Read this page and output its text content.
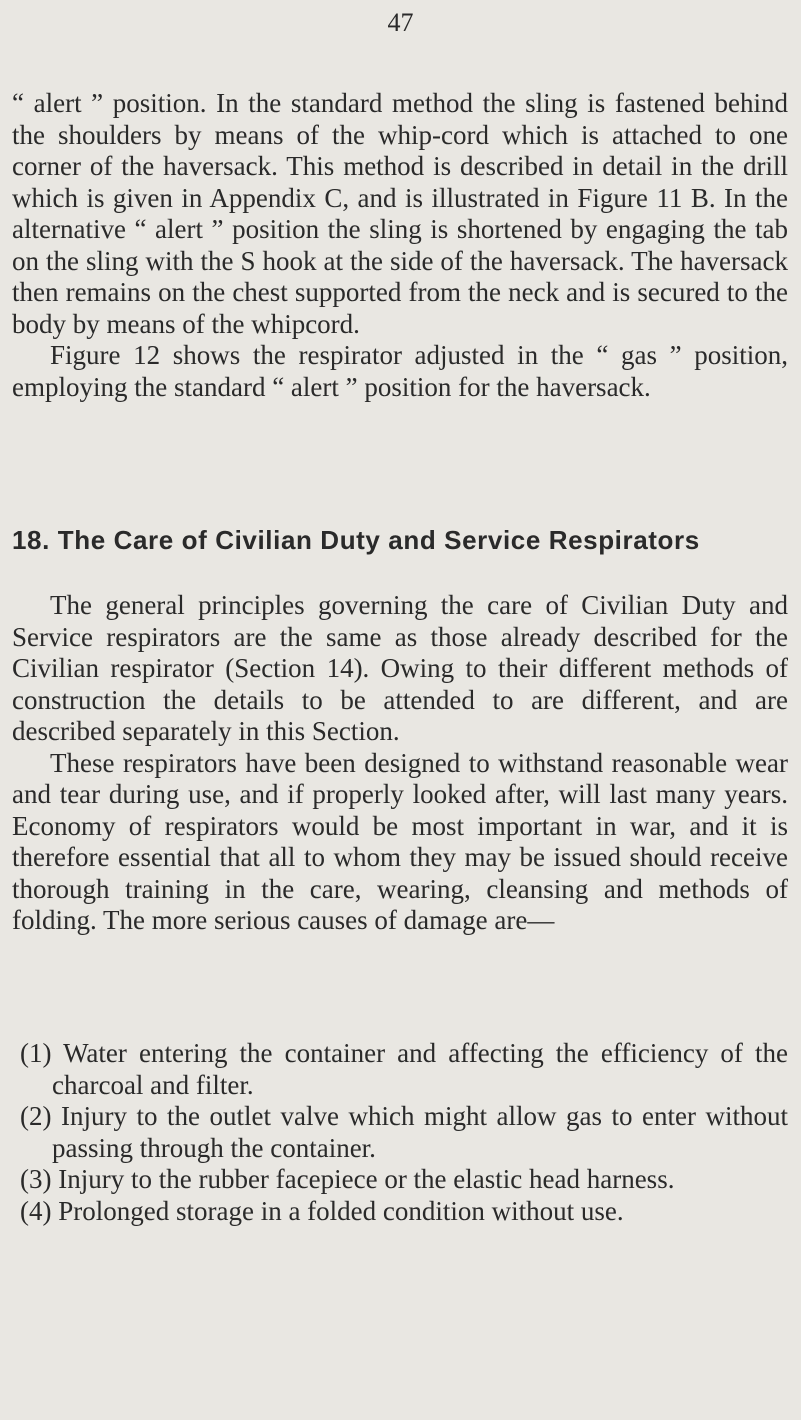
47

“ alert ” position. In the standard method the sling is fastened behind the shoulders by means of the whip-cord which is attached to one corner of the haversack. This method is described in detail in the drill which is given in Appendix C, and is illustrated in Figure 11 B. In the alternative “ alert ” position the sling is shortened by engaging the tab on the sling with the S hook at the side of the haversack. The haversack then remains on the chest supported from the neck and is secured to the body by means of the whipcord.

Figure 12 shows the respirator adjusted in the “ gas ” position, employing the standard “ alert ” position for the haversack.

18. The Care of Civilian Duty and Service Respirators

The general principles governing the care of Civilian Duty and Service respirators are the same as those already described for the Civilian respirator (Section 14). Owing to their different methods of construction the details to be attended to are different, and are described separately in this Section.

These respirators have been designed to withstand reasonable wear and tear during use, and if properly looked after, will last many years. Economy of respirators would be most important in war, and it is therefore essential that all to whom they may be issued should receive thorough training in the care, wearing, cleansing and methods of folding. The more serious causes of damage are—

(1) Water entering the container and affecting the efficiency of the charcoal and filter.

(2) Injury to the outlet valve which might allow gas to enter without passing through the container.

(3) Injury to the rubber facepiece or the elastic head harness.

(4) Prolonged storage in a folded condition without use.
